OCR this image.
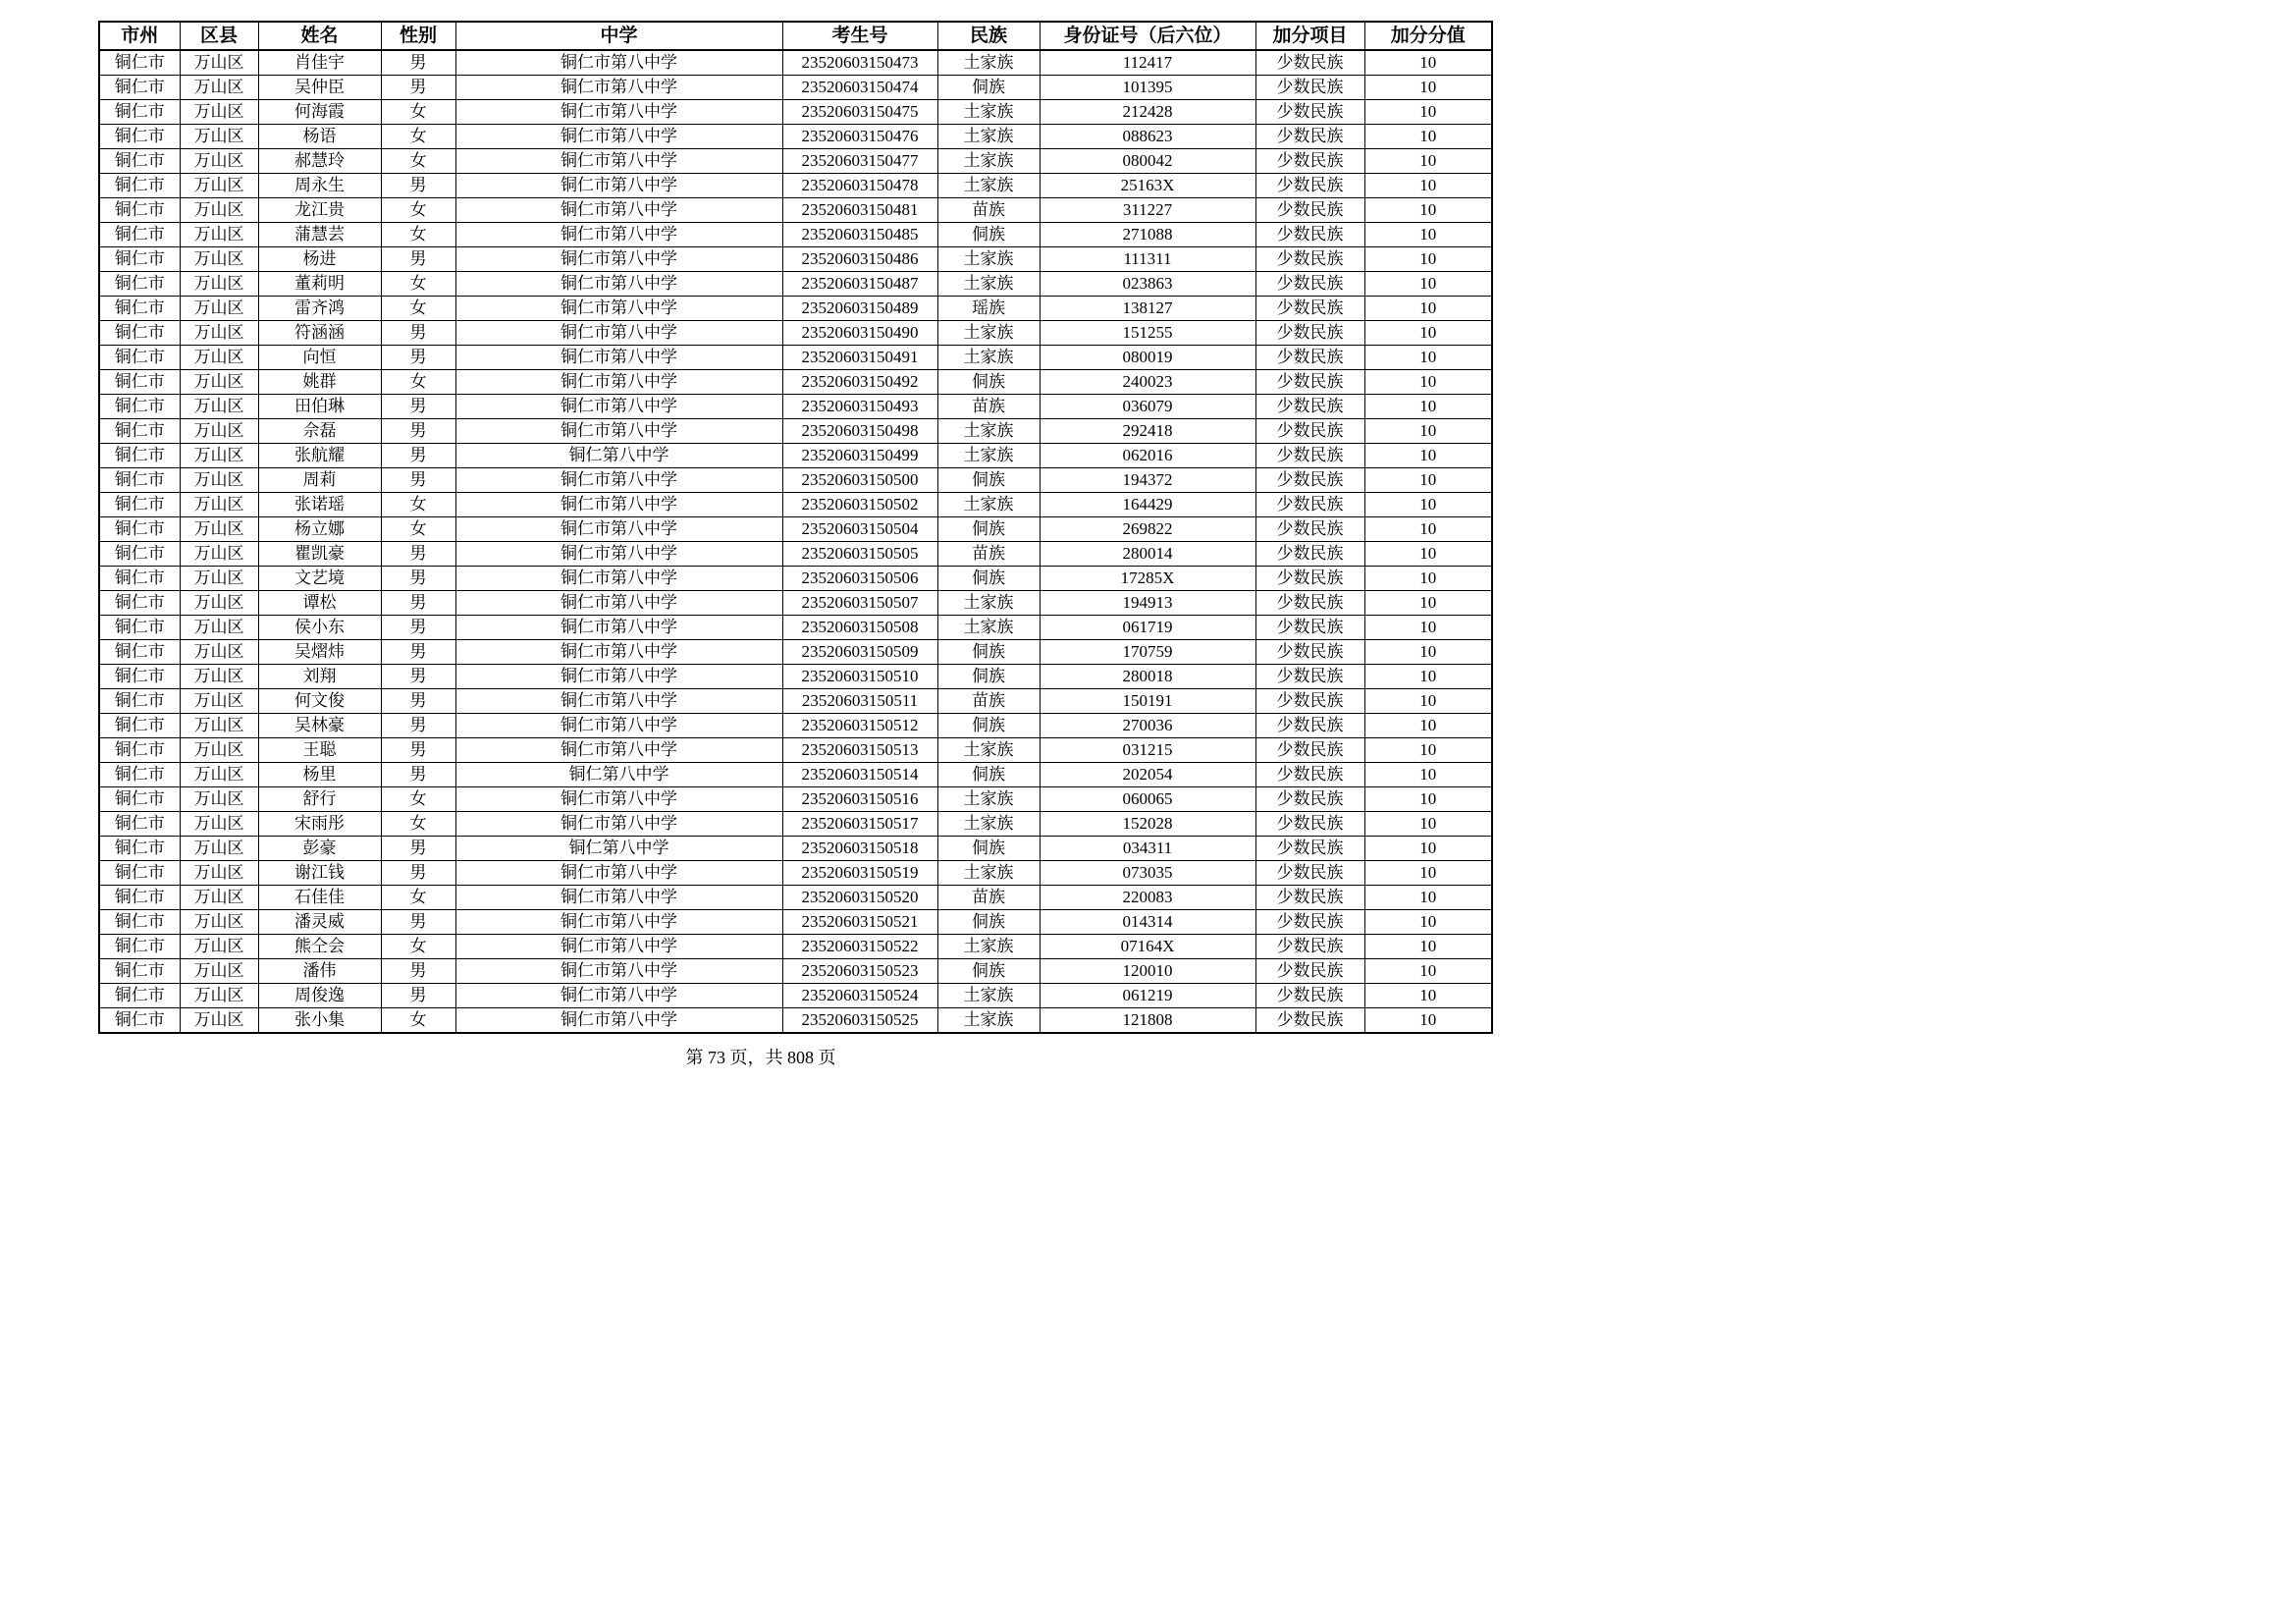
市州	区县	姓名	性别	中学	考生号	民族	身份证号（后六位）	加分项目	加分分值
铜仁市	万山区	肖佳宇	男	铜仁市第八中学	23520603150473	土家族	112417	少数民族	10
铜仁市	万山区	吴仲臣	男	铜仁市第八中学	23520603150474	侗族	101395	少数民族	10
铜仁市	万山区	何海霞	女	铜仁市第八中学	23520603150475	土家族	212428	少数民族	10
铜仁市	万山区	杨语	女	铜仁市第八中学	23520603150476	土家族	088623	少数民族	10
铜仁市	万山区	郝慧玲	女	铜仁市第八中学	23520603150477	土家族	080042	少数民族	10
铜仁市	万山区	周永生	男	铜仁市第八中学	23520603150478	土家族	25163X	少数民族	10
铜仁市	万山区	龙江贵	女	铜仁市第八中学	23520603150481	苗族	311227	少数民族	10
铜仁市	万山区	蒲慧芸	女	铜仁市第八中学	23520603150485	侗族	271088	少数民族	10
铜仁市	万山区	杨进	男	铜仁市第八中学	23520603150486	土家族	111311	少数民族	10
铜仁市	万山区	董莉明	女	铜仁市第八中学	23520603150487	土家族	023863	少数民族	10
铜仁市	万山区	雷齐鸿	女	铜仁市第八中学	23520603150489	瑶族	138127	少数民族	10
铜仁市	万山区	符涵涵	男	铜仁市第八中学	23520603150490	土家族	151255	少数民族	10
铜仁市	万山区	向恒	男	铜仁市第八中学	23520603150491	土家族	080019	少数民族	10
铜仁市	万山区	姚群	女	铜仁市第八中学	23520603150492	侗族	240023	少数民族	10
铜仁市	万山区	田伯琳	男	铜仁市第八中学	23520603150493	苗族	036079	少数民族	10
铜仁市	万山区	佘磊	男	铜仁市第八中学	23520603150498	土家族	292418	少数民族	10
铜仁市	万山区	张航耀	男	铜仁第八中学	23520603150499	土家族	062016	少数民族	10
铜仁市	万山区	周莉	男	铜仁市第八中学	23520603150500	侗族	194372	少数民族	10
铜仁市	万山区	张诺瑶	女	铜仁市第八中学	23520603150502	土家族	164429	少数民族	10
铜仁市	万山区	杨立娜	女	铜仁市第八中学	23520603150504	侗族	269822	少数民族	10
铜仁市	万山区	瞿凯豪	男	铜仁市第八中学	23520603150505	苗族	280014	少数民族	10
铜仁市	万山区	文艺境	男	铜仁市第八中学	23520603150506	侗族	17285X	少数民族	10
铜仁市	万山区	谭松	男	铜仁市第八中学	23520603150507	土家族	194913	少数民族	10
铜仁市	万山区	侯小东	男	铜仁市第八中学	23520603150508	土家族	061719	少数民族	10
铜仁市	万山区	吴熠炜	男	铜仁市第八中学	23520603150509	侗族	170759	少数民族	10
铜仁市	万山区	刘翔	男	铜仁市第八中学	23520603150510	侗族	280018	少数民族	10
铜仁市	万山区	何文俊	男	铜仁市第八中学	23520603150511	苗族	150191	少数民族	10
铜仁市	万山区	吴林豪	男	铜仁市第八中学	23520603150512	侗族	270036	少数民族	10
铜仁市	万山区	王聪	男	铜仁市第八中学	23520603150513	土家族	031215	少数民族	10
铜仁市	万山区	杨里	男	铜仁第八中学	23520603150514	侗族	202054	少数民族	10
铜仁市	万山区	舒行	女	铜仁市第八中学	23520603150516	土家族	060065	少数民族	10
铜仁市	万山区	宋雨彤	女	铜仁市第八中学	23520603150517	土家族	152028	少数民族	10
铜仁市	万山区	彭豪	男	铜仁第八中学	23520603150518	侗族	034311	少数民族	10
铜仁市	万山区	谢江钱	男	铜仁市第八中学	23520603150519	土家族	073035	少数民族	10
铜仁市	万山区	石佳佳	女	铜仁市第八中学	23520603150520	苗族	220083	少数民族	10
铜仁市	万山区	潘灵威	男	铜仁市第八中学	23520603150521	侗族	014314	少数民族	10
铜仁市	万山区	熊仝会	女	铜仁市第八中学	23520603150522	土家族	07164X	少数民族	10
铜仁市	万山区	潘伟	男	铜仁市第八中学	23520603150523	侗族	120010	少数民族	10
铜仁市	万山区	周俊逸	男	铜仁市第八中学	23520603150524	土家族	061219	少数民族	10
铜仁市	万山区	张小集	女	铜仁市第八中学	23520603150525	土家族	121808	少数民族	10
第 73 页，共 808 页
